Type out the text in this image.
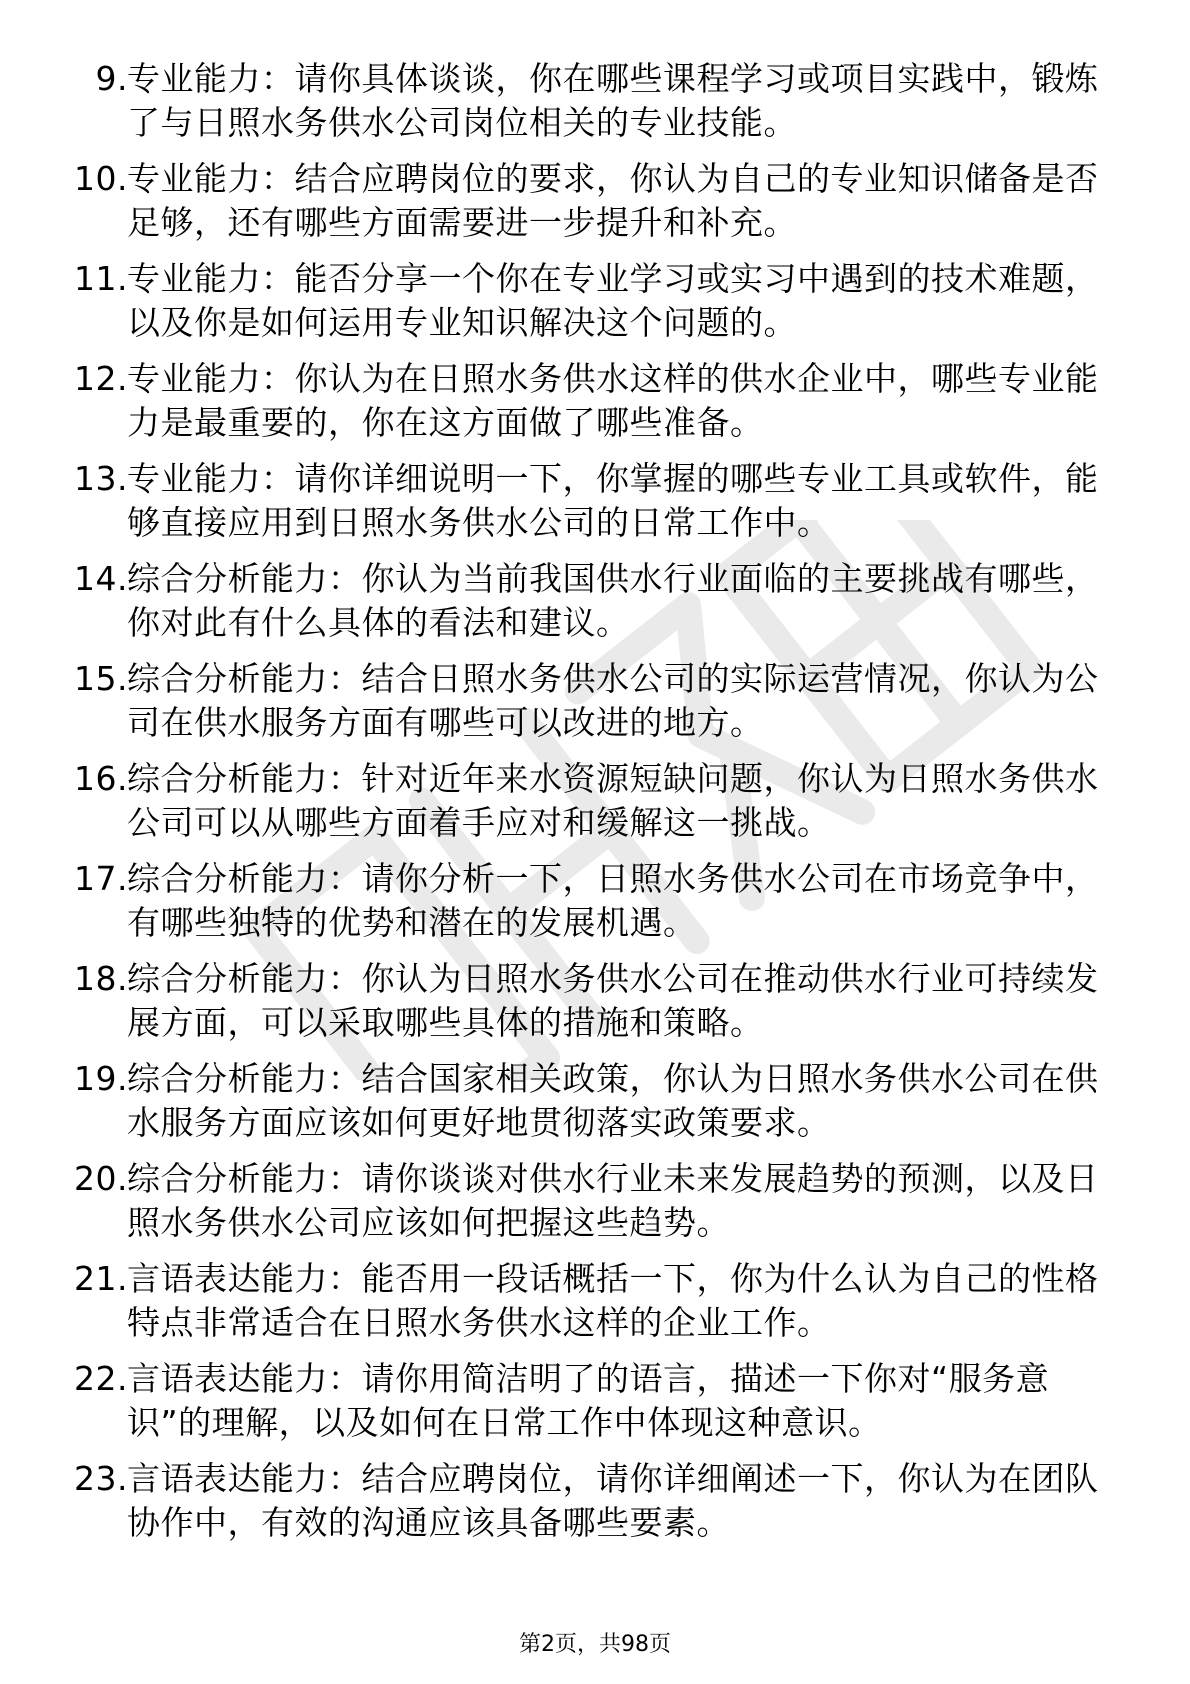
9. 专业能力：请你具体谈谈，你在哪些课程学习或项目实践中，锻炼了与日照水务供水公司岗位相关的专业技能。
10. 专业能力：结合应聘岗位的要求，你认为自己的专业知识储备是否足够，还有哪些方面需要进一步提升和补充。
11. 专业能力：能否分享一个你在专业学习或实习中遇到的技术难题，以及你是如何运用专业知识解决这个问题的。
12. 专业能力：你认为在日照水务供水这样的供水企业中，哪些专业能力是最重要的，你在这方面做了哪些准备。
13. 专业能力：请你详细说明一下，你掌握的哪些专业工具或软件，能够直接应用到日照水务供水公司的日常工作中。
14. 综合分析能力：你认为当前我国供水行业面临的主要挑战有哪些，你对此有什么具体的看法和建议。
15. 综合分析能力：结合日照水务供水公司的实际运营情况，你认为公司在供水服务方面有哪些可以改进的地方。
16. 综合分析能力：针对近年来水资源短缺问题，你认为日照水务供水公司可以从哪些方面着手应对和缓解这一挑战。
17. 综合分析能力：请你分析一下，日照水务供水公司在市场竞争中，有哪些独特的优势和潜在的发展机遇。
18. 综合分析能力：你认为日照水务供水公司在推动供水行业可持续发展方面，可以采取哪些具体的措施和策略。
19. 综合分析能力：结合国家相关政策，你认为日照水务供水公司在供水服务方面应该如何更好地贯彻落实政策要求。
20. 综合分析能力：请你谈谈对供水行业未来发展趋势的预测，以及日照水务供水公司应该如何把握这些趋势。
21. 言语表达能力：能否用一段话概括一下，你为什么认为自己的性格特点非常适合在日照水务供水这样的企业工作。
22. 言语表达能力：请你用简洁明了的语言，描述一下你对“服务意识”的理解，以及如何在日常工作中体现这种意识。
23. 言语表达能力：结合应聘岗位，请你详细阐述一下，你认为在团队协作中，有效的沟通应该具备哪些要素。
第2页，共98页
